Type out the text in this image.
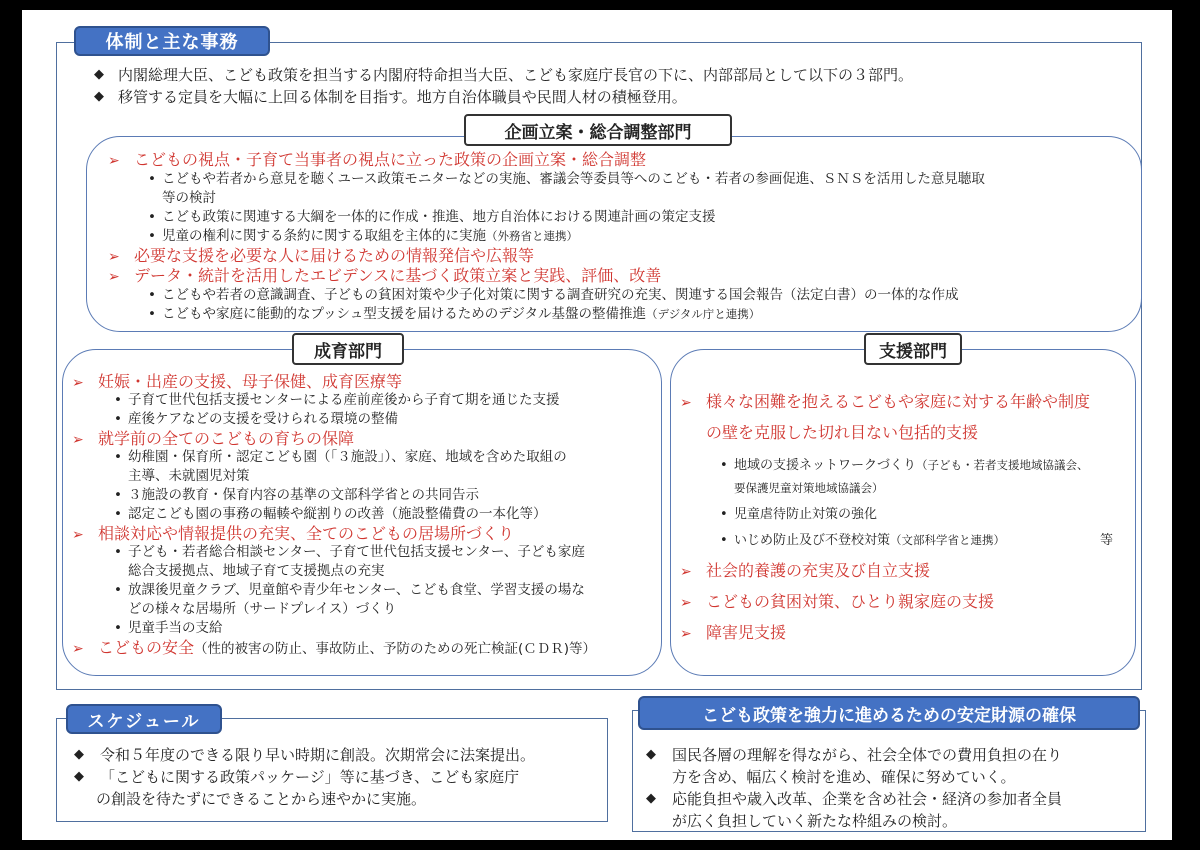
体制と主な事務
◆ 内閣総理大臣、こども政策を担当する内閣府特命担当大臣、こども家庭庁長官の下に、内部部局として以下の３部門。
◆ 移管する定員を大幅に上回る体制を目指す。地方自治体職員や民間人材の積極登用。
企画立案・総合調整部門
➢ こどもの視点・子育て当事者の視点に立った政策の企画立案・総合調整
• こどもや若者から意見を聴くユース政策モニターなどの実施、審議会等委員等へのこども・若者の参画促進、ＳＮＳを活用した意見聴取
等の検討
• こども政策に関連する大綱を一体的に作成・推進、地方自治体における関連計画の策定支援
• 児童の権利に関する条約に関する取組を主体的に実施（外務省と連携）
➢ 必要な支援を必要な人に届けるための情報発信や広報等
➢ データ・統計を活用したエビデンスに基づく政策立案と実践、評価、改善
• こどもや若者の意識調査、子どもの貧困対策や少子化対策に関する調査研究の充実、関連する国会報告（法定白書）の一体的な作成
• こどもや家庭に能動的なプッシュ型支援を届けるためのデジタル基盤の整備推進（デジタル庁と連携）
成育部門
➢ 妊娠・出産の支援、母子保健、成育医療等
• 子育て世代包括支援センターによる産前産後から子育て期を通じた支援
• 産後ケアなどの支援を受けられる環境の整備
➢ 就学前の全てのこどもの育ちの保障
• 幼稚園・保育所・認定こども園（「３施設」）、家庭、地域を含めた取組の
主導、未就園児対策
• ３施設の教育・保育内容の基準の文部科学省との共同告示
• 認定こども園の事務の輻輳や縦割りの改善（施設整備費の一本化等）
➢ 相談対応や情報提供の充実、全てのこどもの居場所づくり
• 子ども・若者総合相談センター、子育て世代包括支援センター、子ども家庭
総合支援拠点、地域子育て支援拠点の充実
• 放課後児童クラブ、児童館や青少年センター、こども食堂、学習支援の場な
どの様々な居場所（サードプレイス）づくり
• 児童手当の支給
➢ こどもの安全（性的被害の防止、事故防止、予防のための死亡検証(ＣＤＲ)等）
支援部門
➢ 様々な困難を抱えるこどもや家庭に対する年齢や制度
の壁を克服した切れ目ない包括的支援
• 地域の支援ネットワークづくり（子ども・若者支援地域協議会、
要保護児童対策地域協議会）
• 児童虐待防止対策の強化
• いじめ防止及び不登校対策（文部科学省と連携）	等
➢ 社会的養護の充実及び自立支援
➢ こどもの貧困対策、ひとり親家庭の支援
➢ 障害児支援
スケジュール
◆ 令和５年度のできる限り早い時期に創設。次期常会に法案提出。
◆ 「こどもに関する政策パッケージ」等に基づき、こども家庭庁
の創設を待たずにできることから速やかに実施。
こども政策を強力に進めるための安定財源の確保
◆ 国民各層の理解を得ながら、社会全体での費用負担の在り
方を含め、幅広く検討を進め、確保に努めていく。
◆ 応能負担や歳入改革、企業を含め社会・経済の参加者全員
が広く負担していく新たな枠組みの検討。
